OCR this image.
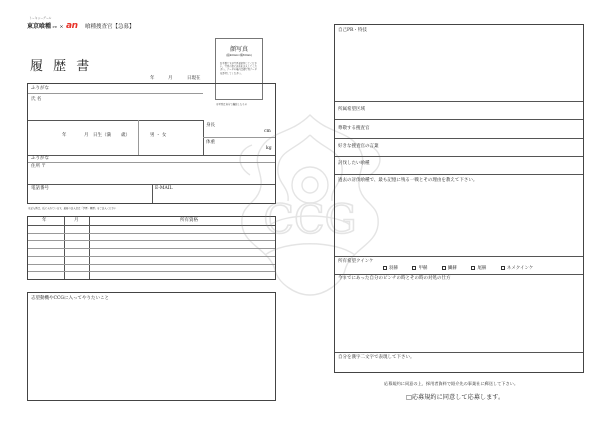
トーキョーグール
東京喰種:re × an 喰種捜査官【急募】
履 歴 書
年	月	日現在
顔写真
(縦40mm×横30mm)
お手数ですが写真を貼付してください。写真の裏に氏名を記入してください。データの場合は顔写真データを添付してください。
※写真は自分で撮影したもの
ふりがな
氏 名
年	月 日生（満 歳）	男 ・ 女
身長
cm
体重
kg
ふりがな
住所 〒
電話番号	E-MAIL
※記入例は、仮に入れています。最新の記入者は「学歴・職歴」をご記入ください
年	月	所有資格
志望動機やCCGに入ってやりたいこと
CCG
自己PR・特技
所属希望区域
尊敬する捜査官
好きな捜査官の言葉
討伐したい喰種
過去の討伐喰種で、最も記憶に残る一戦とその理由を教えて下さい。
所有希望クインケ
羽赫	甲赫	鱗赫	尾赫	ネメクインケ
今までにあった自分のピンチの時とその時の対処の仕方
自分を漢字二文字で表現して下さい。
応募規約に同意の上、採用者資料で紹介先の事業社に郵送して下さい。
□応募規約に同意して応募します。
